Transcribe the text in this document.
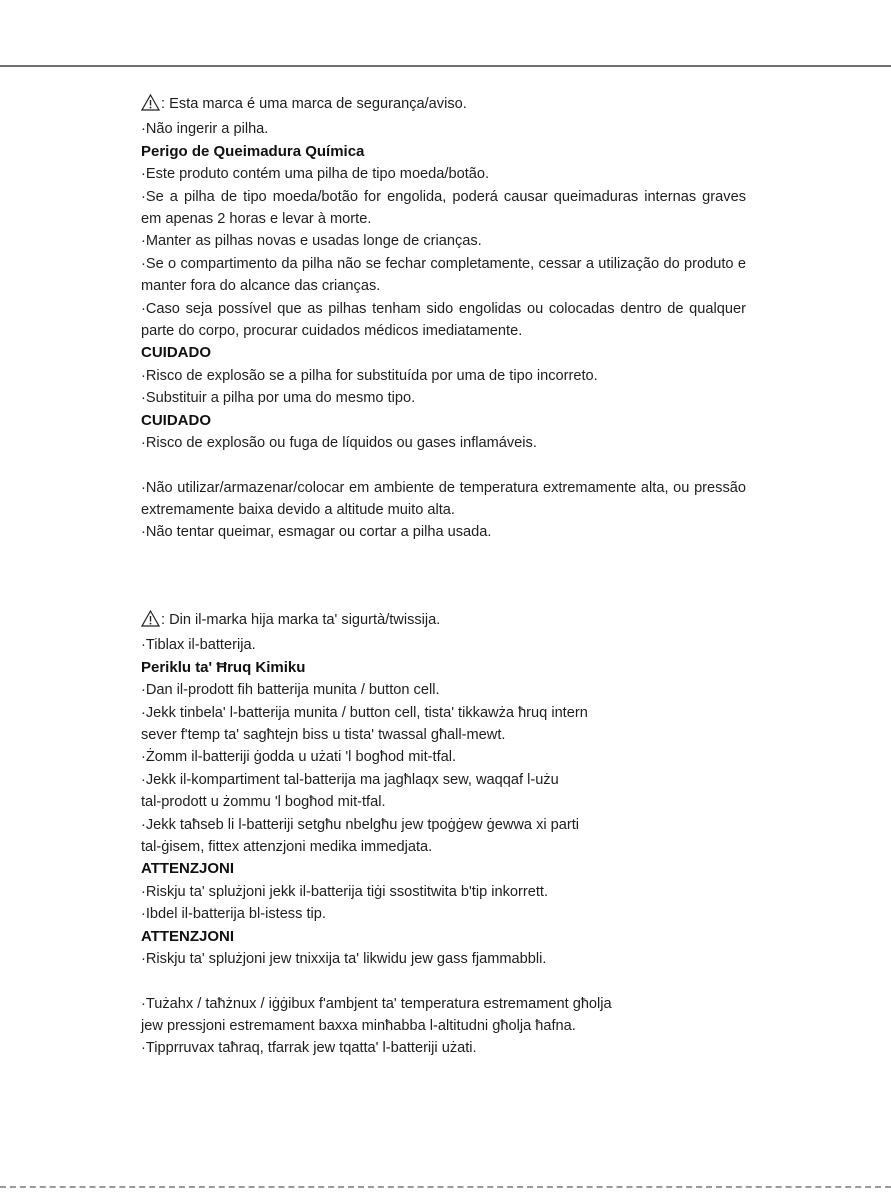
: Esta marca é uma marca de segurança/aviso.

·Não ingerir a pilha.

Perigo de Queimadura Química

·Este produto contém uma pilha de tipo moeda/botão.

·Se a pilha de tipo moeda/botão for engolida, poderá causar queimaduras internas graves em apenas 2 horas e levar à morte.

·Manter as pilhas novas e usadas longe de crianças.

·Se o compartimento da pilha não se fechar completamente, cessar a utilização do produto e manter fora do alcance das crianças.

·Caso seja possível que as pilhas tenham sido engolidas ou colocadas dentro de qualquer parte do corpo, procurar cuidados médicos imediatamente.

CUIDADO

·Risco de explosão se a pilha for substituída por uma de tipo incorreto.

·Substituir a pilha por uma do mesmo tipo.

CUIDADO

·Risco de explosão ou fuga de líquidos ou gases inflamáveis.

·Não utilizar/armazenar/colocar em ambiente de temperatura extremamente alta, ou pressão extremamente baixa devido a altitude muito alta.

·Não tentar queimar, esmagar ou cortar a pilha usada.

: Din il-marka hija marka ta' sigurtà/twissija.

·Tiblax il-batterija.

Periklu ta' Ħruq Kimiku

·Dan il-prodott fih batterija munita / button cell.

·Jekk tinbela' l-batterija munita / button cell, tista' tikkawża ħruq intern

sever f'temp ta' sagħtejn biss u tista' twassal għall-mewt.

·Żomm il-batteriji ġodda u użati 'l bogħod mit-tfal.

·Jekk il-kompartiment tal-batterija ma jagħlaqx sew, waqqaf l-użu

tal-prodott u żommu 'l bogħod mit-tfal.

·Jekk taħseb li l-batteriji setgħu nbelgħu jew tpoġġew ġewwa xi parti

tal-ġisem, fittex attenzjoni medika immedjata.

ATTENZJONI

·Riskju ta' splużjoni jekk il-batterija tiġi ssostitwita b'tip inkorrett.

·Ibdel il-batterija bl-istess tip.

ATTENZJONI

·Riskju ta' splużjoni jew tnixxija ta' likwidu jew gass fjammabbli.

·Tużahx / taħżnux / iġġibux f'ambjent ta' temperatura estremament għolja

jew pressjoni estremament baxxa minħabba l-altitudni għolja ħafna.

·Tipprruvax taħraq, tfarrak jew tqatta' l-batteriji użati.
